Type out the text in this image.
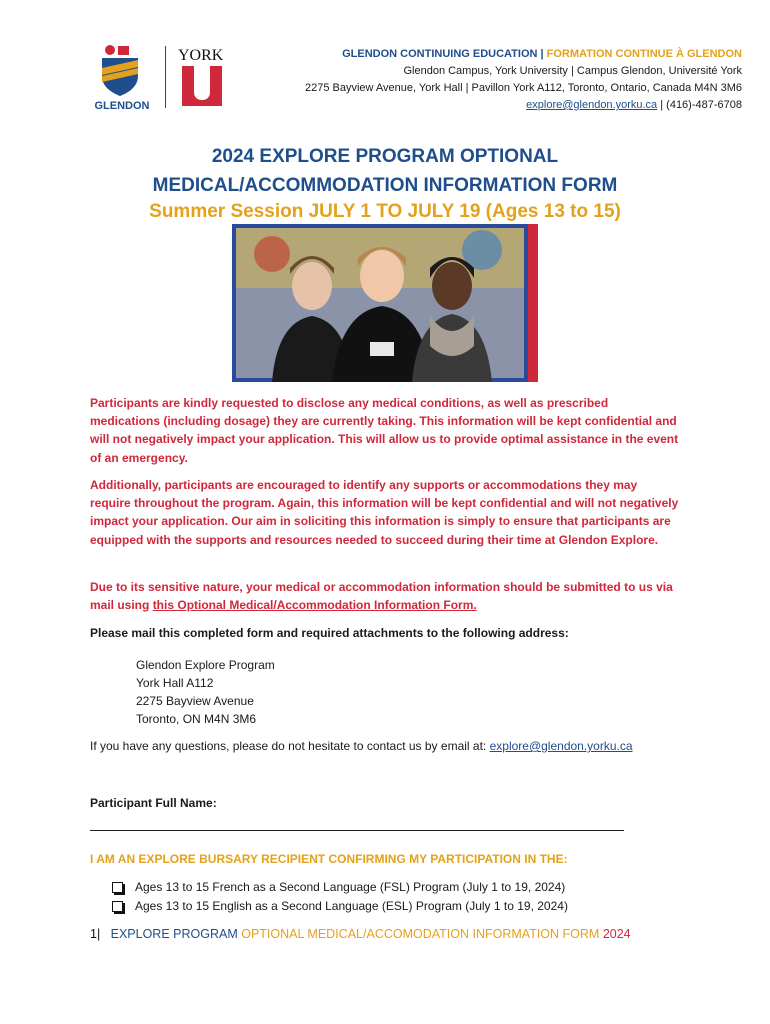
GLENDON
YORK	GLENDON CONTINUING EDUCATION | FORMATION CONTINUE À GLENDON
Glendon Campus, York University | Campus Glendon, Université York
2275 Bayview Avenue, York Hall | Pavillon York A112, Toronto, Ontario, Canada M4N 3M6
explore@glendon.yorku.ca | (416)-487-6708
2024 EXPLORE PROGRAM OPTIONAL
MEDICAL/ACCOMMODATION INFORMATION FORM
Summer Session JULY 1 TO JULY 19 (Ages 13 to 15)
Participants are kindly requested to disclose any medical conditions, as well as prescribed medications (including dosage) they are currently taking. This information will be kept confidential and will not negatively impact your application. This will allow us to provide optimal assistance in the event of an emergency.
Additionally, participants are encouraged to identify any supports or accommodations they may require throughout the program. Again, this information will be kept confidential and will not negatively impact your application. Our aim in soliciting this information is simply to ensure that participants are equipped with the supports and resources needed to succeed during their time at Glendon Explore.
Due to its sensitive nature, your medical or accommodation information should be submitted to us via mail using this Optional Medical/Accommodation Information Form.
Please mail this completed form and required attachments to the following address:
Glendon Explore Program
York Hall A112
2275 Bayview Avenue
Toronto, ON M4N 3M6
If you have any questions, please do not hesitate to contact us by email at: explore@glendon.yorku.ca
Participant Full Name:
I AM AN EXPLORE BURSARY RECIPIENT CONFIRMING MY PARTICIPATION IN THE:
Ages 13 to 15 French as a Second Language (FSL) Program (July 1 to 19, 2024)
Ages 13 to 15 English as a Second Language (ESL) Program (July 1 to 19, 2024)
1| EXPLORE PROGRAM OPTIONAL MEDICAL/ACCOMODATION INFORMATION FORM 2024
